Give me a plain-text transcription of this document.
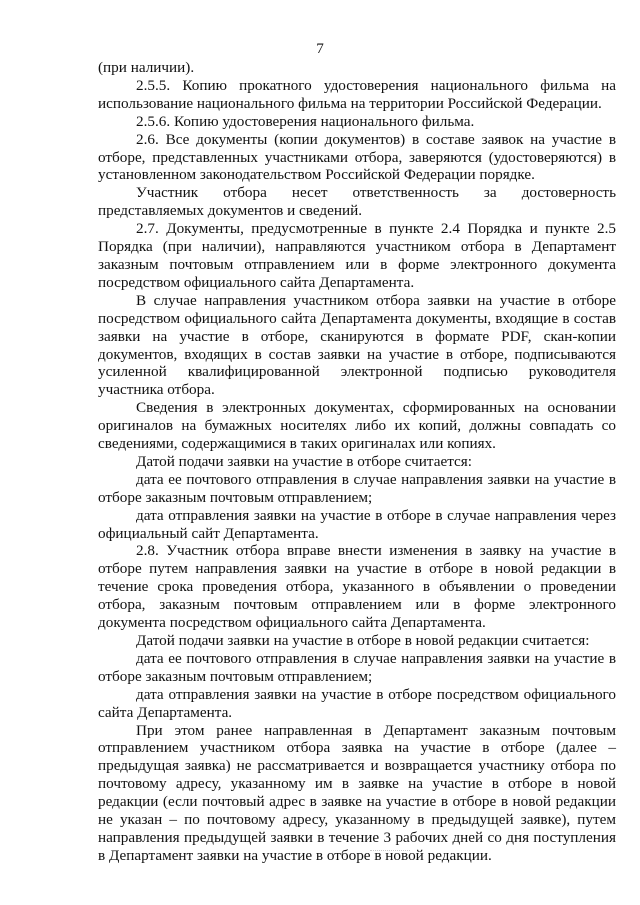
7

(при наличии).

2.5.5. Копию прокатного удостоверения национального фильма на использование национального фильма на территории Российской Федерации.

2.5.6. Копию удостоверения национального фильма.

2.6. Все документы (копии документов) в составе заявок на участие в отборе, представленных участниками отбора, заверяются (удостоверяются) в установленном законодательством Российской Федерации порядке.

Участник отбора несет ответственность за достоверность представляемых документов и сведений.

2.7. Документы, предусмотренные в пункте 2.4 Порядка и пункте 2.5 Порядка (при наличии), направляются участником отбора в Департамент заказным почтовым отправлением или в форме электронного документа посредством официального сайта Департамента.

В случае направления участником отбора заявки на участие в отборе посредством официального сайта Департамента документы, входящие в состав заявки на участие в отборе, сканируются в формате PDF, скан-копии документов, входящих в состав заявки на участие в отборе, подписываются усиленной квалифицированной электронной подписью руководителя участника отбора.

Сведения в электронных документах, сформированных на основании оригиналов на бумажных носителях либо их копий, должны совпадать со сведениями, содержащимися в таких оригиналах или копиях.

Датой подачи заявки на участие в отборе считается:

дата ее почтового отправления в случае направления заявки на участие в отборе заказным почтовым отправлением;

дата отправления заявки на участие в отборе в случае направления через официальный сайт Департамента.

2.8. Участник отбора вправе внести изменения в заявку на участие в отборе путем направления заявки на участие в отборе в новой редакции в течение срока проведения отбора, указанного в объявлении о проведении отбора, заказным почтовым отправлением или в форме электронного документа посредством официального сайта Департамента.

Датой подачи заявки на участие в отборе в новой редакции считается:

дата ее почтового отправления в случае направления заявки на участие в отборе заказным почтовым отправлением;

дата отправления заявки на участие в отборе посредством официального сайта Департамента.

При этом ранее направленная в Департамент заказным почтовым отправлением участником отбора заявка на участие в отборе (далее – предыдущая заявка) не рассматривается и возвращается участнику отбора по почтовому адресу, указанному им в заявке на участие в отборе в новой редакции (если почтовый адрес в заявке на участие в отборе в новой редакции не указан – по почтовому адресу, указанному в предыдущей заявке), путем направления предыдущей заявки в течение 3 рабочих дней со дня поступления в Департамент заявки на участие в отборе в новой редакции.
